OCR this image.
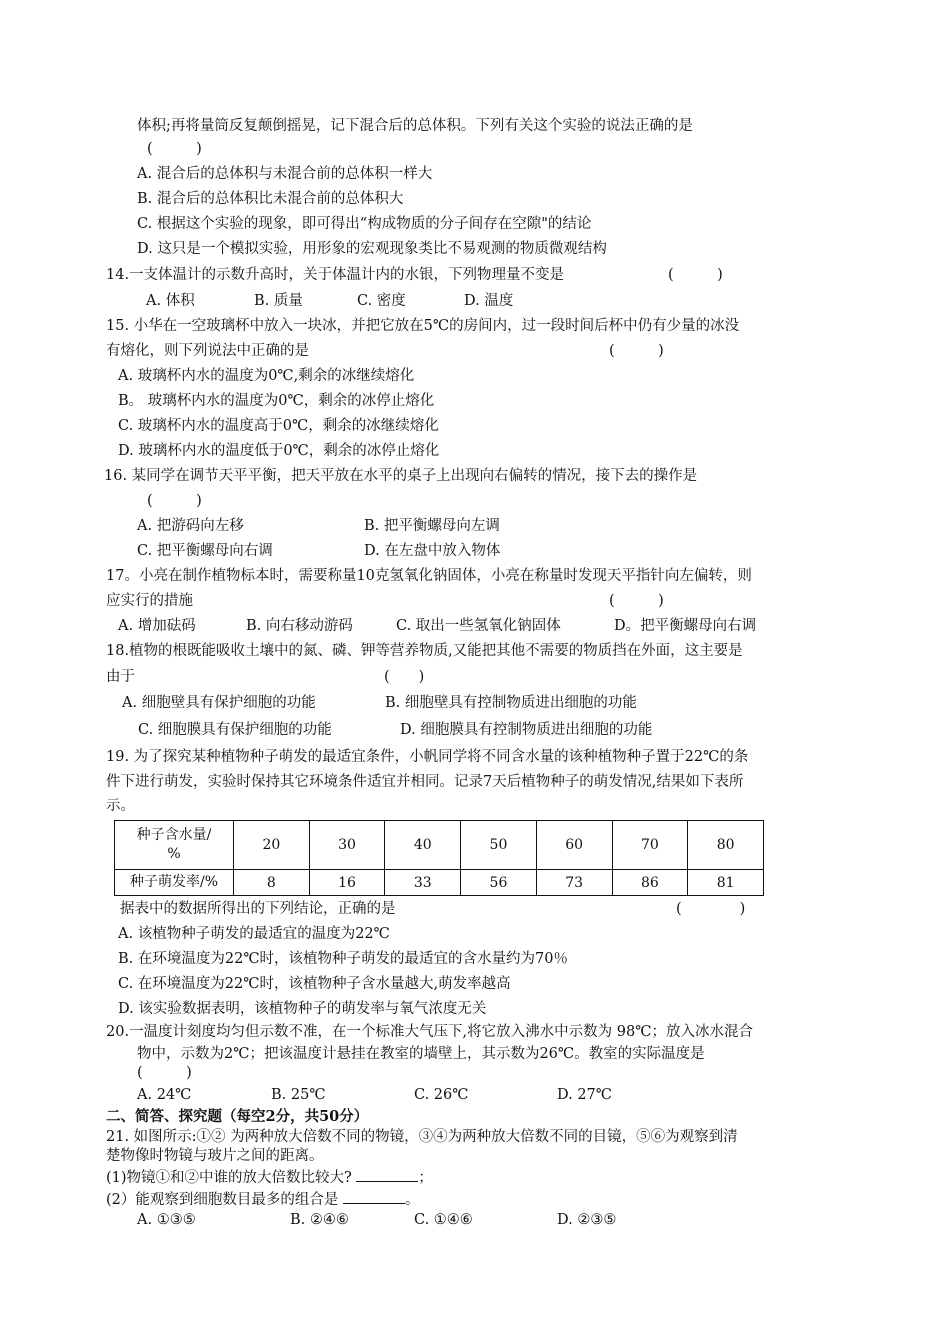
体积;再将量筒反复颠倒摇晃，记下混合后的总体积。下列有关这个实验的说法正确的是
(　　　)
A. 混合后的总体积与未混合前的总体积一样大
B. 混合后的总体积比未混合前的总体积大
C. 根据这个实验的现象，即可得出“构成物质的分子间存在空隙"的结论
D. 这只是一个模拟实验，用形象的宏观现象类比不易观测的物质微观结构
14.一支体温计的示数升高时，关于体温计内的水银，下列物理量不变是	(　　　)
A. 体积	B. 质量	C. 密度	D. 温度
15. 小华在一空玻璃杯中放入一块冰，并把它放在5℃的房间内，过一段时间后杯中仍有少量的冰没
有熔化，则下列说法中正确的是	(　　　)
A. 玻璃杯内水的温度为0℃,剩余的冰继续熔化
B。 玻璃杯内水的温度为0℃，剩余的冰停止熔化
C. 玻璃杯内水的温度高于0℃，剩余的冰继续熔化
D. 玻璃杯内水的温度低于0℃，剩余的冰停止熔化
16. 某同学在调节天平平衡，把天平放在水平的桌子上出现向右偏转的情况，接下去的操作是
(　　　)
A. 把游码向左移	B. 把平衡螺母向左调
C. 把平衡螺母向右调	D. 在左盘中放入物体
17。小亮在制作植物标本时，需要称量10克氢氧化钠固体，小亮在称量时发现天平指针向左偏转，则
应实行的措施	(　　　)
A. 增加砝码	B. 向右移动游码	C. 取出一些氢氧化钠固体	D。把平衡螺母向右调
18.植物的根既能吸收土壤中的氮、磷、钾等营养物质,又能把其他不需要的物质挡在外面，这主要是
由于	(　　)
A. 细胞壁具有保护细胞的功能	B. 细胞壁具有控制物质进出细胞的功能
C. 细胞膜具有保护细胞的功能	D. 细胞膜具有控制物质进出细胞的功能
19. 为了探究某种植物种子萌发的最适宜条件，小帆同学将不同含水量的该种植物种子置于22℃的条
件下进行萌发，实验时保持其它环境条件适宜并相同。记录7天后植物种子的萌发情况,结果如下表所
示。
种子含水量/
%	20	30	40	50	60	70	80
种子萌发率/%	8	16	33	56	73	86	81
据表中的数据所得出的下列结论，正确的是	(　　　　)
A. 该植物种子萌发的最适宜的温度为22℃
B. 在环境温度为22℃时，该植物种子萌发的最适宜的含水量约为70％
C. 在环境温度为22℃时，该植物种子含水量越大,萌发率越高
D. 该实验数据表明，该植物种子的萌发率与氧气浓度无关
20.一温度计刻度均匀但示数不准，在一个标准大气压下,将它放入沸水中示数为 98℃；放入冰水混合
物中，示数为2℃；把该温度计悬挂在教室的墙壁上，其示数为26℃。教室的实际温度是
(　　　)
A. 24℃	B. 25℃	C. 26℃	D. 27℃
二、简答、探究题（每空2分，共50分）
21. 如图所示:①② 为两种放大倍数不同的物镜，③④为两种放大倍数不同的目镜，⑤⑥为观察到清
楚物像时物镜与玻片之间的距离。
(1)物镜①和②中谁的放大倍数比较大?	；
(2）能观察到细胞数目最多的组合是	。
A. ①③⑤	B. ②④⑥	C. ①④⑥	D. ②③⑤
